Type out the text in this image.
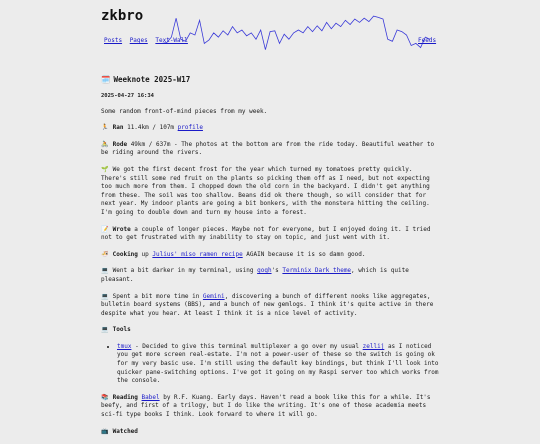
zkbro
Posts Pages Text-Wall	Feeds
🗓️ Weeknote 2025-W17
2025-04-27 16:34

Some random front-of-mind pieces from my week.

🏃 Ran 11.4km / 107m profile

🚴 Rode 49km / 637m - The photos at the bottom are from the ride today. Beautiful weather to be riding around the rivers.

🌱 We got the first decent frost for the year which turned my tomatoes pretty quickly. There's still some red fruit on the plants so picking them off as I need, but not expecting too much more from them. I chopped down the old corn in the backyard. I didn't get anything from these. The soil was too shallow. Beans did ok there though, so will consider that for next year. My indoor plants are going a bit bonkers, with the monstera hitting the ceiling. I'm going to double down and turn my house into a forest.

📝 Wrote a couple of longer pieces. Maybe not for everyone, but I enjoyed doing it. I tried not to get frustrated with my inability to stay on topic, and just went with it.

🍜 Cooking up Julius' miso ramen recipe AGAIN because it is so damn good.

💻 Went a bit darker in my terminal, using gogh's Terminix Dark theme, which is quite pleasant.

💻 Spent a bit more time in Gemini, discovering a bunch of different nooks like aggregates, bulletin board systems (BBS), and a bunch of new gemlogs. I think it's quite active in there despite what you hear. At least I think it is a nice level of activity.

💻 Tools

• tmux - Decided to give this terminal multiplexer a go over my usual zellij as I noticed you get more screen real-estate. I'm not a power-user of these so the switch is going ok for my very basic use. I'm still using the default key bindings, but think I'll look into quicker pane-switching options. I've got it going on my Raspi server too which works from the console.

📚 Reading Babel by R.F. Kuang. Early days. Haven't read a book like this for a while. It's beefy, and first of a trilogy, but I do like the writing. It's one of those academia meets sci-fi type books I think. Look forward to where it will go.

📺 Watched
